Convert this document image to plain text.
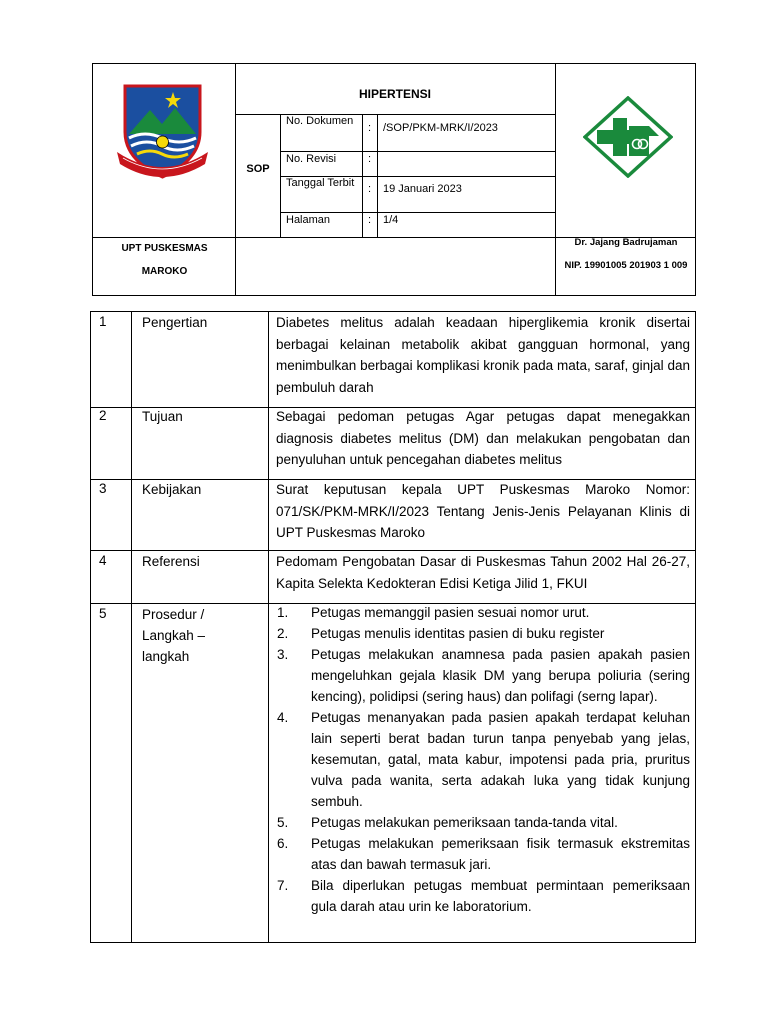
HIPERTENSI
SOP
No. Dokumen
: /SOP/PKM-MRK/I/2023
No. Revisi	:
Tanggal Terbit	: 19 Januari 2023
Halaman	: 1/4
UPT PUSKESMAS
MAROKO
Dr. Jajang Badrujaman
NIP. 19901005 201903 1 009
1	Pengertian	Diabetes melitus adalah keadaan hiperglikemia kronik disertai berbagai kelainan metabolik akibat gangguan hormonal, yang menimbulkan berbagai komplikasi kronik pada mata, saraf, ginjal dan pembuluh darah
2	Tujuan	Sebagai pedoman petugas Agar petugas dapat menegakkan diagnosis diabetes melitus (DM) dan melakukan pengobatan dan penyuluhan untuk pencegahan diabetes melitus
3	Kebijakan	Surat keputusan kepala UPT Puskesmas Maroko Nomor: 071/SK/PKM-MRK/I/2023 Tentang Jenis-Jenis Pelayanan Klinis di UPT Puskesmas Maroko
4	Referensi	Pedomam Pengobatan Dasar di Puskesmas Tahun 2002 Hal 26-27, Kapita Selekta Kedokteran Edisi Ketiga Jilid 1, FKUI
5	Prosedur / Langkah – langkah
1. Petugas memanggil pasien sesuai nomor urut.
2. Petugas menulis identitas pasien di buku register
3. Petugas melakukan anamnesa pada pasien apakah pasien mengeluhkan gejala klasik DM yang berupa poliuria (sering kencing), polidipsi (sering haus) dan polifagi (serng lapar).
4. Petugas menanyakan pada pasien apakah terdapat keluhan lain seperti berat badan turun tanpa penyebab yang jelas, kesemutan, gatal, mata kabur, impotensi pada pria, pruritus vulva pada wanita, serta adakah luka yang tidak kunjung sembuh.
5. Petugas melakukan pemeriksaan tanda-tanda vital.
6. Petugas melakukan pemeriksaan fisik termasuk ekstremitas atas dan bawah termasuk jari.
7. Bila diperlukan petugas membuat permintaan pemeriksaan gula darah atau urin ke laboratorium.
